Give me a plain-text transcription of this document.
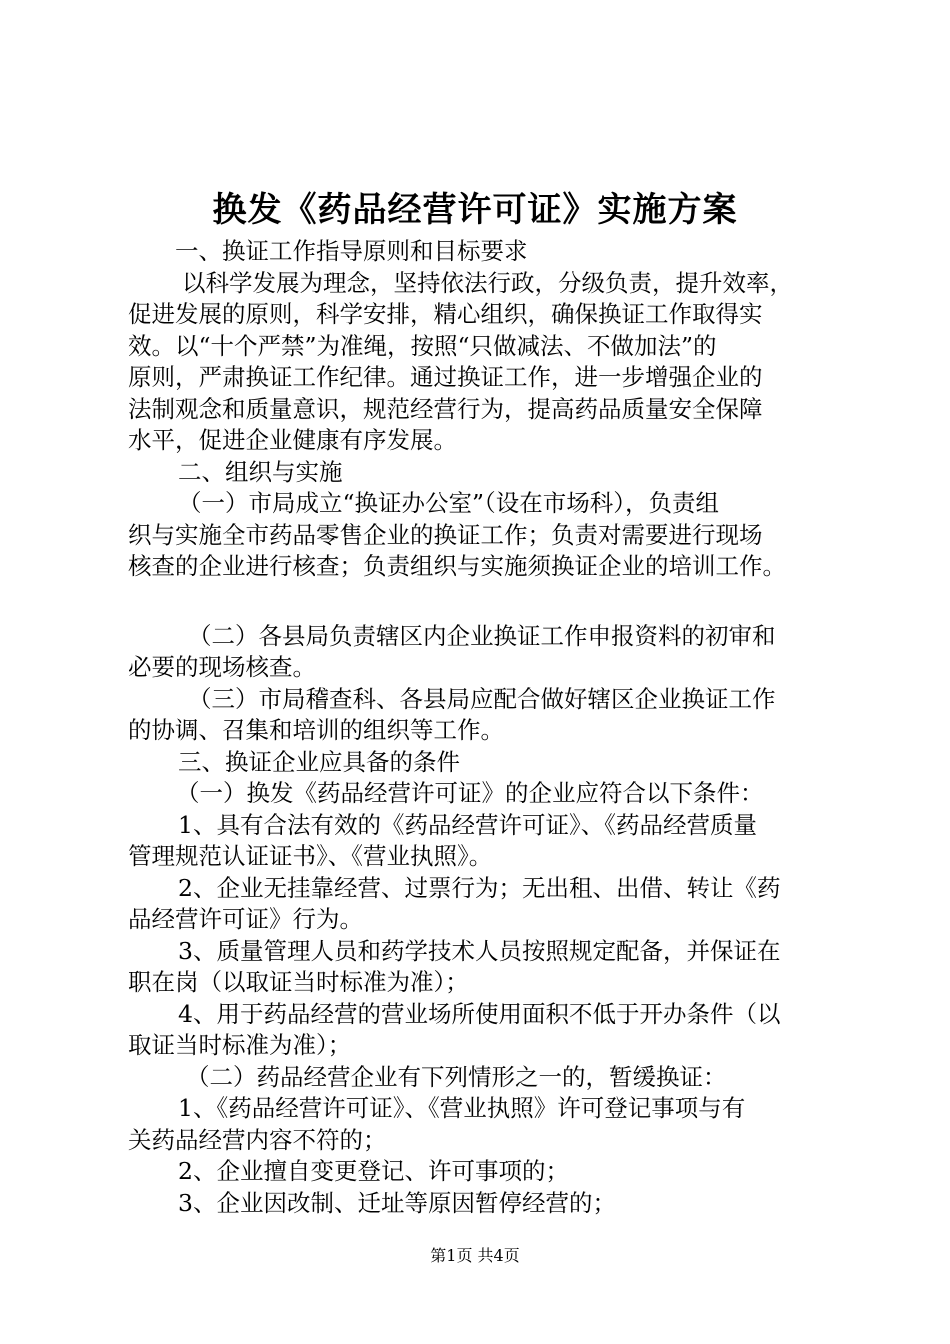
换发《药品经营许可证》实施方案
一、换证工作指导原则和目标要求
以科学发展为理念，坚持依法行政，分级负责，提升效率，
促进发展的原则，科学安排，精心组织，确保换证工作取得实
效。以“十个严禁”为准绳，按照“只做减法、不做加法”的
原则，严肃换证工作纪律。通过换证工作，进一步增强企业的
法制观念和质量意识，规范经营行为，提高药品质量安全保障
水平，促进企业健康有序发展。
二、组织与实施
（一）市局成立“换证办公室”（设在市场科），负责组
织与实施全市药品零售企业的换证工作；负责对需要进行现场
核查的企业进行核查；负责组织与实施须换证企业的培训工作。
（二）各县局负责辖区内企业换证工作申报资料的初审和
必要的现场核查。
（三）市局稽查科、各县局应配合做好辖区企业换证工作
的协调、召集和培训的组织等工作。
三、换证企业应具备的条件
（一）换发《药品经营许可证》的企业应符合以下条件：
1、具有合法有效的《药品经营许可证》、《药品经营质量
管理规范认证证书》、《营业执照》。
2、企业无挂靠经营、过票行为；无出租、出借、转让《药
品经营许可证》行为。
3、质量管理人员和药学技术人员按照规定配备，并保证在
职在岗（以取证当时标准为准）；
4、用于药品经营的营业场所使用面积不低于开办条件（以
取证当时标准为准）；
（二）药品经营企业有下列情形之一的，暂缓换证：
1、《药品经营许可证》、《营业执照》许可登记事项与有
关药品经营内容不符的；
2、企业擅自变更登记、许可事项的；
3、企业因改制、迁址等原因暂停经营的；
第1页 共4页
